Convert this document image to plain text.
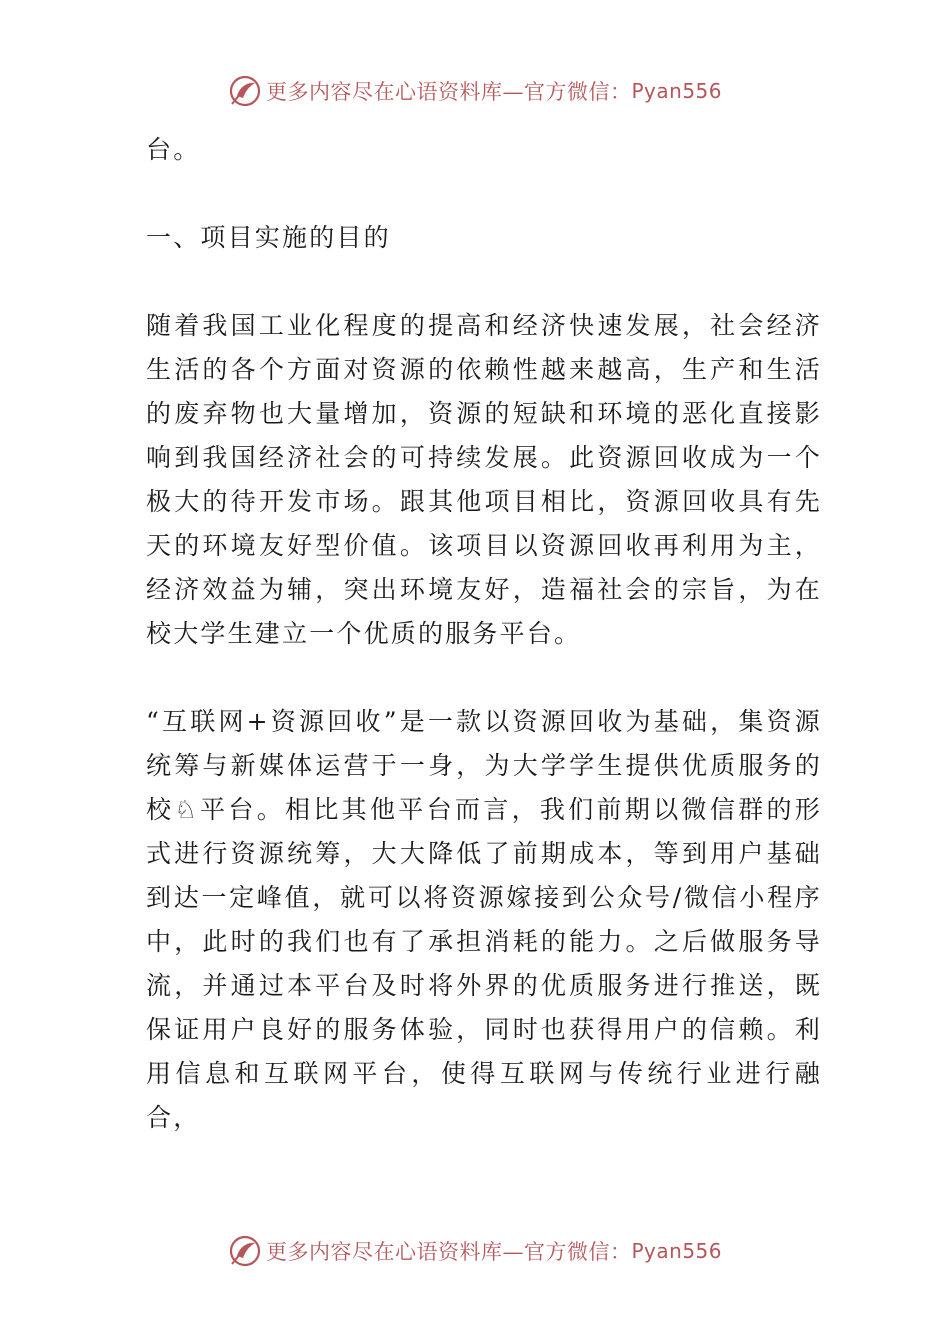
更多内容尽在心语资料库—官方微信： Pyan556

台。

一、项目实施的目的

随着我国工业化程度的提高和经济快速发展，社会经济生活的各个方面对资源的依赖性越来越高，生产和生活的废弃物也大量增加，资源的短缺和环境的恶化直接影响到我国经济社会的可持续发展。此资源回收成为一个极大的待开发市场。跟其他项目相比，资源回收具有先天的环境友好型价值。该项目以资源回收再利用为主，经济效益为辅，突出环境友好，造福社会的宗旨，为在校大学生建立一个优质的服务平台。

“互联网+资源回收”是一款以资源回收为基础，集资源统筹与新媒体运营于一身，为大学学生提供优质服务的校♘平台。相比其他平台而言，我们前期以微信群的形式进行资源统筹，大大降低了前期成本，等到用户基础到达一定峰值，就可以将资源嫁接到公众号/微信小程序中，此时的我们也有了承担消耗的能力。之后做服务导流，并通过本平台及时将外界的优质服务进行推送，既保证用户良好的服务体验，同时也获得用户的信赖。利用信息和互联网平台，使得互联网与传统行业进行融合，

更多内容尽在心语资料库—官方微信： Pyan556
